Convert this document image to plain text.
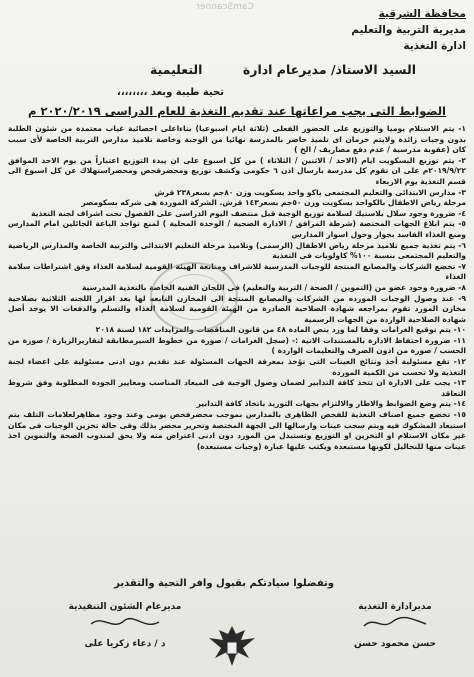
CamScanner

محافظة الشرقية
مديرية التربية والتعليم
ادارة التغذية
السيد الاستاذ/ مديرعام ادارة
التعليمية
تحية طيبة وبعد ،،،،،،،،
الضوابط التى يجب مراعاتها عند تقديم التغذية للعام الدراسى ٢٠٢٠/٢٠١٩ م

١- يتم الاستلام يوميا والتوزيع على الحضور الفعلى (ثلاثة ايام اسبوعيا) بناءاعلى احصائية غياب معتمدة من شئون الطلبة بدون وجبات زائدة ولايتم حرمان اى تلميذ حاضر بالمدرسة نهائيا من الوجبة وخاصة تلاميذ مدارس التربية الخاصة لأى سبب كان (عقوبة مدرسية / عدم دفع مصاريف / الخ )

٢- يتم توزيع البسكويت ايام (الاحد / الاثنين / الثلاثاء ) من كل اسبوع على ان يبدء التوزيع اعتباراً من يوم الاحد الموافق ٢٠١٩/٩/٢٢م على ان تقوم كل مدرسة بارسال اذن ٦ حكومى وكشف توزيع ومحضرفحص ومحضراستهلاك عن كل اسبوع الى قسم التغذية يوم الاربعاء

٣- مدارس الابتدائى والتعليم المجتمعى باكو واحد بسكويت وزن ٨٠جم بسعر٢٣٨ قرش

مرحلة رياض الاطفال بالكواحد بسكويت وزن ٥٠جم بسعر١٤٣ قرش. الشركة الموردة هى شركه بسكومصر

٤- ضرورة وجود سلال بلاستيك لسلامة توزيع الوجبة قبل منتصف اليوم الدراسى على الفصول تحت اشراف لجنه التغذية

٥- يتم ابلاغ الجهات المختصة (شرطة المرافق / الادارة الصحية / الوحدة المحلية ) لمنع تواجد الباعة الجائلين امام المدارس ومنع الغذاء الفاسد بجوار وحول اسوار المدارس

٦- يتم تغذية جميع تلاميذ مرحلة رياض الاطفال (الرسمى) وتلاميذ مرحلة التعليم الابتدائى والتربية الخاصة والمدارس الرياضية والتعليم المجتمعى بنسبة ١٠٠% كاولويات فى التغذية

٧- تخضع الشركات والمصانع المنتجة للوجبات المدرسية للاشراف ومتابعة الهيئة القومية لسلامة الغذاء وفق اشتراطات سلامة الغذاء

٨- ضرورة وجود عضو من (التموين / الصحة / التربية والتعليم) فى اللجان الفنية الخاصة بالتغذية المدرسية

٩- عند وصول الوجبات المورده من الشركات والمصانع المنتجة الى المخازن التابعه لها بعد اقرار اللجنه الثلاثية بصلاحية مخازن المورد تقوم بمراجعه شهادة الصلاحية الصادرة من الهيئة القومية لسلامة الغذاء والتسلم والدفعات الا يوجد أصل شهادة الصلاحية الواردة من الجهات الرسمية

١٠- يتم توقيع الغرامات وفقا لما ورد بنص المادة ٤٨ من قانون المناقصات والمزايدات ١٨٢ لسنة ٢٠١٨

١١- ضرورة احتفاظ الادارة بالمستندات الاتية :- (سجل الغرامات / صورة من خطوط السيرمطابقة لتقاريرالزيارة / صورة من الحسب / صورة من اذون الصرف والتعليمات الواردة )

١٢- تقع مسئولية أخذ ونتائج العينات التى تؤخذ بمعرفة الجهات المسئولة عند تقديم دون ادنى مسئولية على اعضاء لجنة التغذية ولا تحسب من الكمية الموردة

١٣- يجب على الادارة ان تتخذ كافة التدابير لضمان وصول الوجبة فى الميعاد المناسب ومعايير الجودة المطلوبة وفق شروط التعاقد

١٤- يتم وضع الضوابط والاطار والالتزام بجهات التوريد باتخاذ كافة التدابير

١٥- تخضع جميع اصناف التغذية للفحص الظاهرى بالمدارس بموجب محضرفحص يومى وعند وجود مظاهرلعلامات التلف يتم استبعاد المشكوك فيه ويتم سحب عينات وارسالها الى الجهة المختصة وتحرير محضر بذلك وفى حالة تخزين الوجبات فى مكان غير مكان الاستلام او التخزين او التوزيع وتستبدل من المورد دون ادنى اعتراض منه ولا يحق لمندوب الصحة والتموين اخذ عينات منها للتحاليل لكونها مستبعدة ويكتب عليها عبارة (وجبات مستبعدة)

وتفضلوا سيادتكم بقبول وافر التحية والتقدير
مديرادارة التغذية
حسن محمود حسن
مديرعام الشئون التنفيذية
د / دعاء زكريا على
